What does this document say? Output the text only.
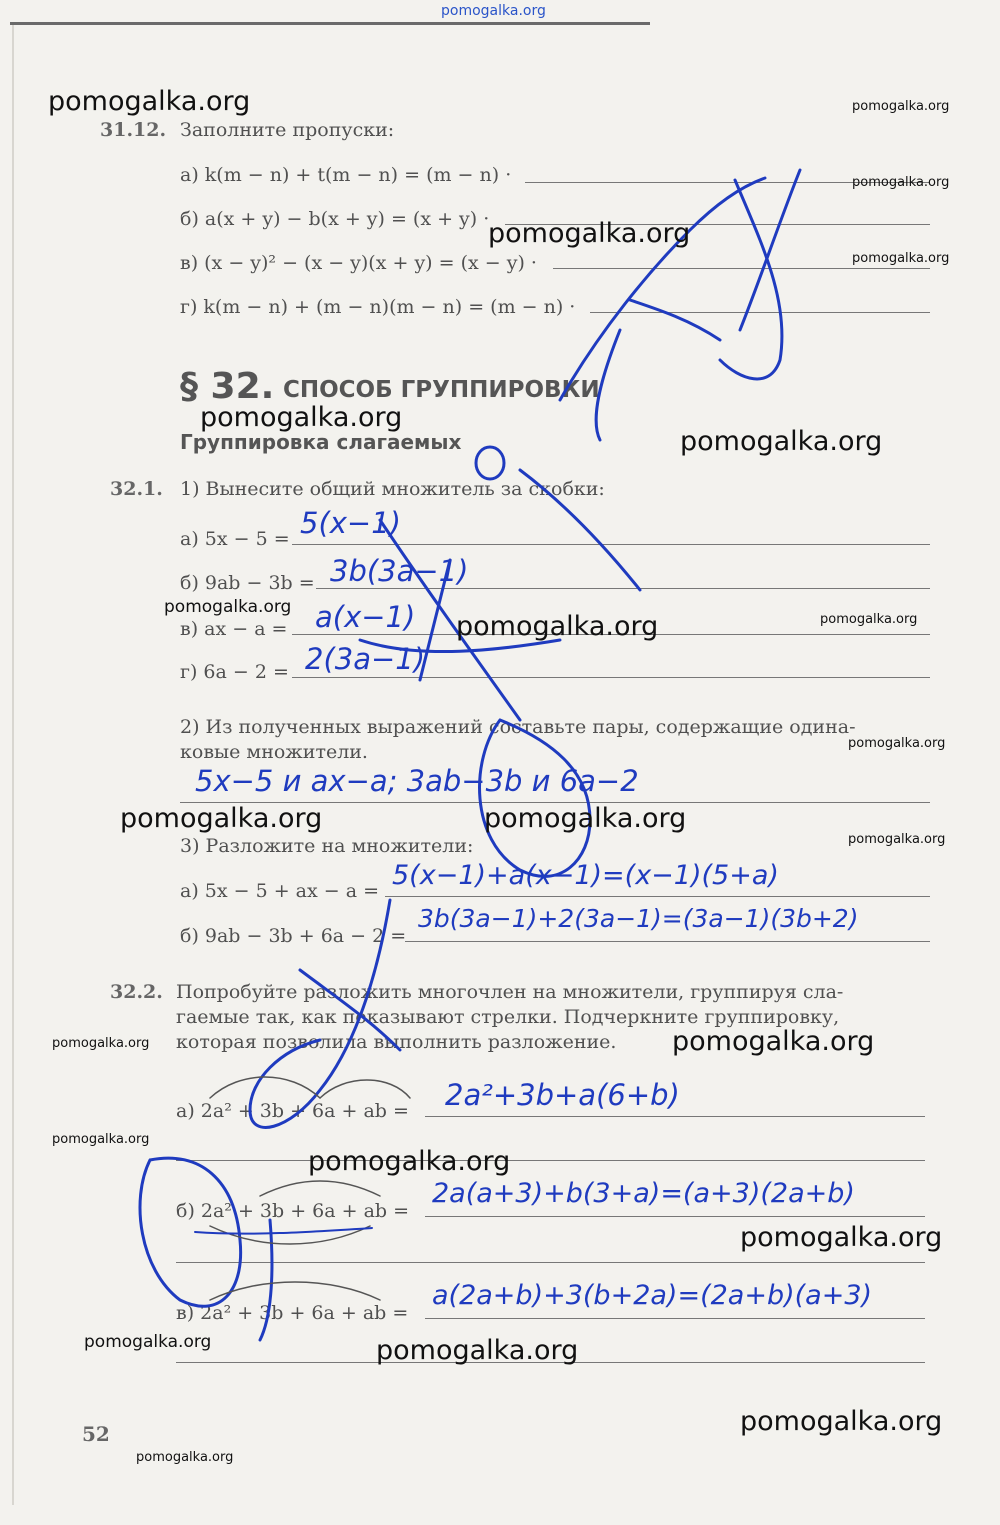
pomogalka.org
31.12. Заполните пропуски:
а) k(m − n) + t(m − n) = (m − n) ·
б) a(x + y) − b(x + y) = (x + y) ·
в) (x − y)² − (x − y)(x + y) = (x − y) ·
г) k(m − n) + (m − n)(m − n) = (m − n) ·
§ 32. СПОСОБ ГРУППИРОВКИ
Группировка слагаемых
32.1. 1) Вынесите общий множитель за скобки:
а) 5x − 5 = 5(x−1)
б) 9ab − 3b = 3b(3a−1)
в) ax − a = a(x−1)
г) 6a − 2 = 2(3a−1)
2) Из полученных выражений составьте пары, содержащие одина-
ковые множители.
5x−5 и ax−a; 3ab−3b и 6a−2
3) Разложите на множители:
а) 5x − 5 + ax − a = 5(x−1)+a(x−1)=(x−1)(5+a)
б) 9ab − 3b + 6a − 2 =
3b(3a−1)+2(3a−1)=(3a−1)(3b+2)
32.2. Попробуйте разложить многочлен на множители, группируя сла-
гаемые так, как показывают стрелки. Подчеркните группировку,
которая позволила выполнить разложение.
а) 2a² + 3b + 6a + ab = 2a²+3b+a(6+b)
б) 2a² + 3b + 6a + ab =
2a(a+3)+b(3+a)=(a+3)(2a+b)
в) 2a² + 3b + 6a + ab =
a(2a+b)+3(b+2a)=(2a+b)(a+3)
52
pomogalka.org	pomogalka.org
pomogalka.org
pomogalka.org
pomogalka.org
pomogalka.org
pomogalka.org
pomogalka.org
pomogalka.org	pomogalka.org
pomogalka.org
pomogalka.org	pomogalka.org
pomogalka.org
pomogalka.org	pomogalka.org
pomogalka.org
pomogalka.org
pomogalka.org
pomogalka.org	pomogalka.org
pomogalka.org
pomogalka.org
